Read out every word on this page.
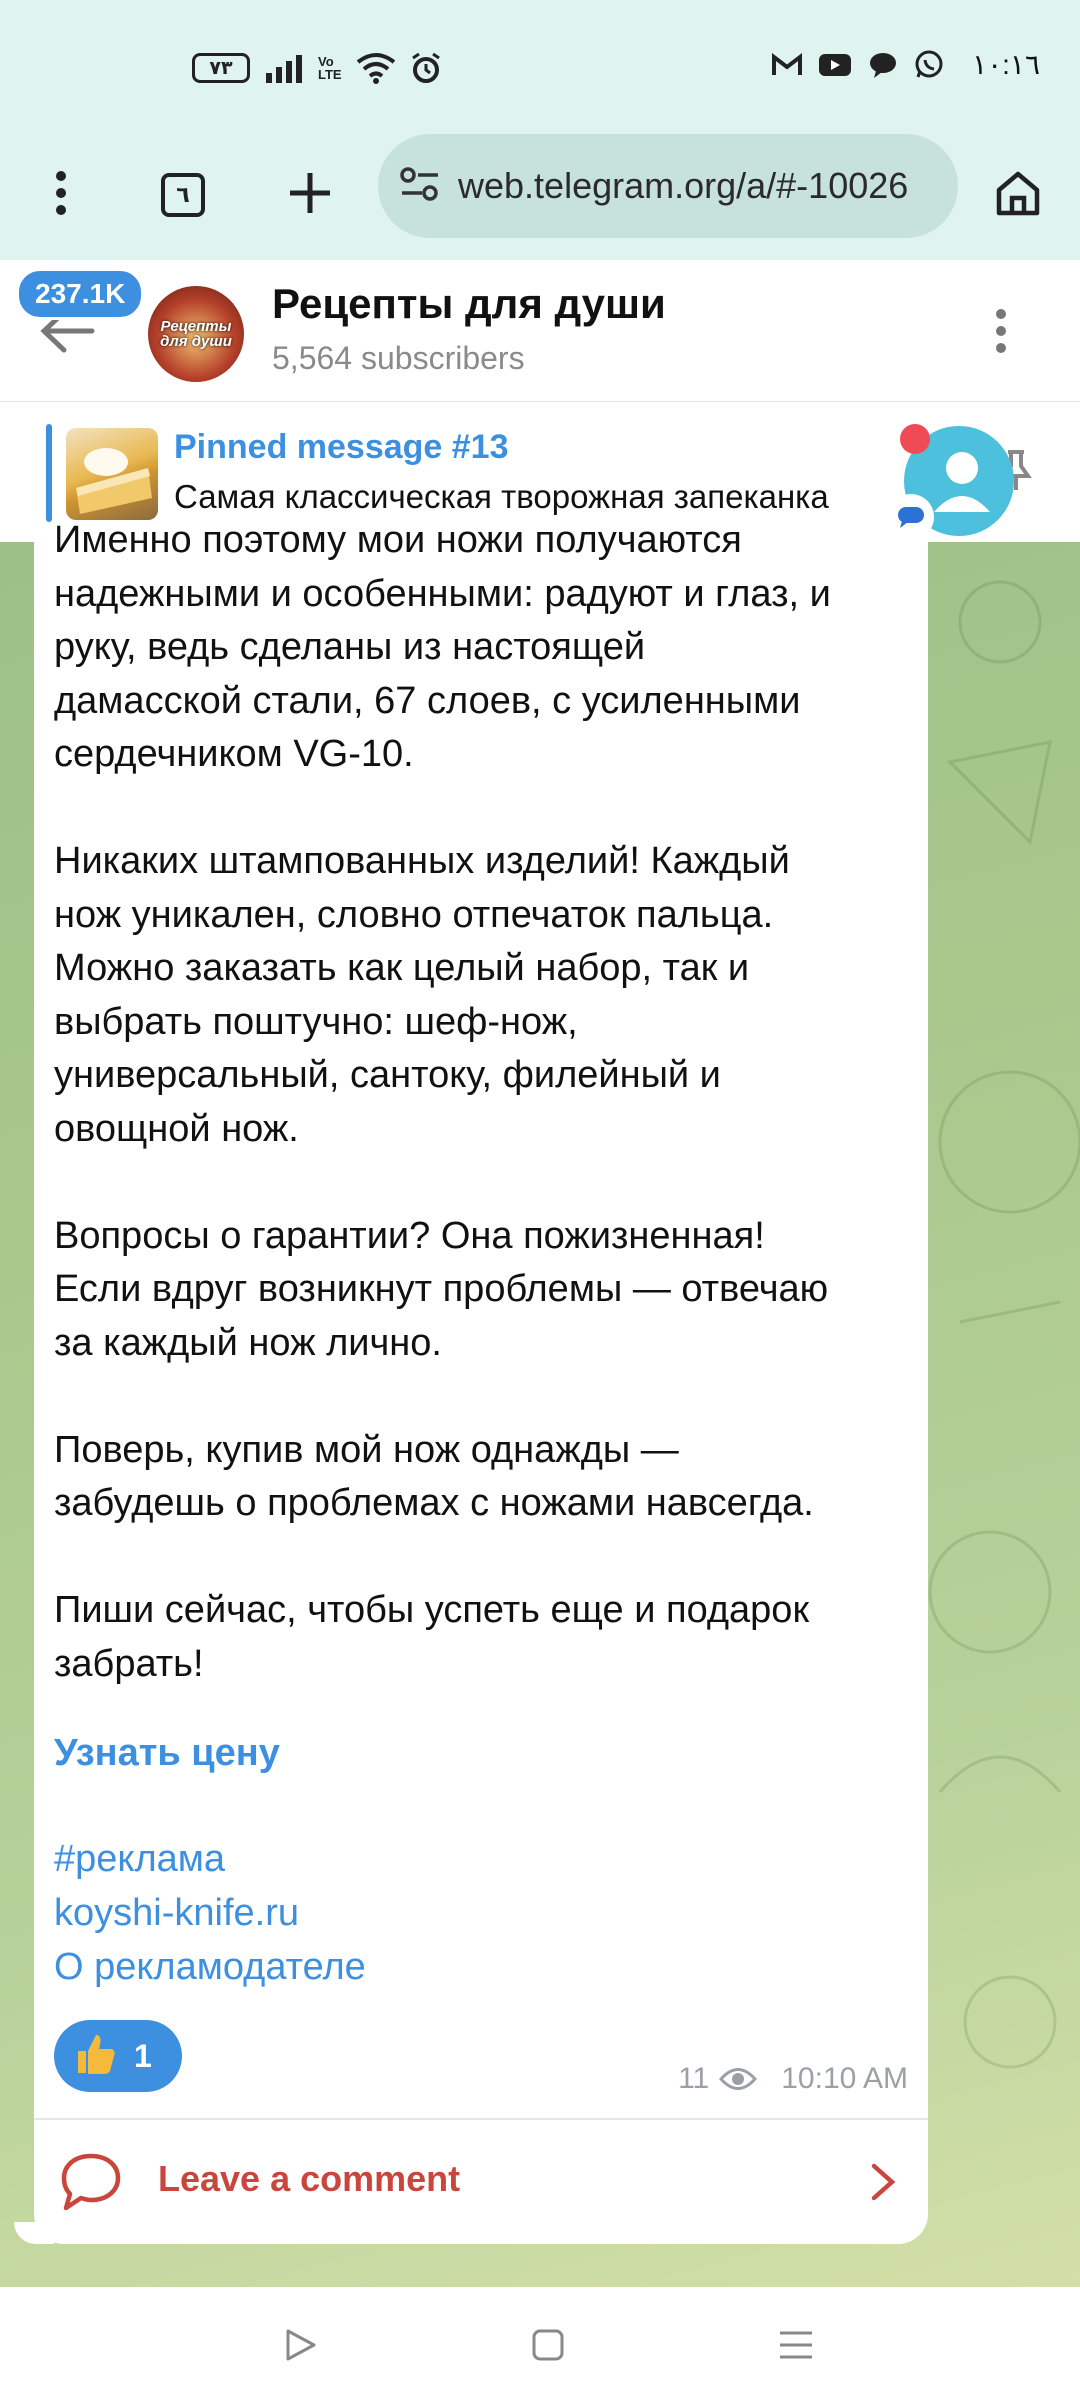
٧٣	Vo LTE	١٠:١٦
٦	web.telegram.org/a/#-10026
237.1K
Рецепты для души
Рецепты для души
5,564 subscribers
Pinned message #13
Самая классическая творожная запеканка
Именно поэтому мои ножи получаются
надежными и особенными: радуют и глаз, и
руку, ведь сделаны из настоящей
дамасской стали, 67 слоев, с усиленными
сердечником VG-10.

Никаких штампованных изделий! Каждый
нож уникален, словно отпечаток пальца.
Можно заказать как целый набор, так и
выбрать поштучно: шеф-нож,
универсальный, сантоку, филейный и
овощной нож.

Вопросы о гарантии? Она пожизненная!
Если вдруг возникнут проблемы — отвечаю
за каждый нож лично.

Поверь, купив мой нож однажды —
забудешь о проблемах с ножами навсегда.

Пиши сейчас, чтобы успеть еще и подарок
забрать!
Узнать цену
#реклама
koyshi-knife.ru
О рекламодателе
1
11 10:10 AM
Leave a comment
